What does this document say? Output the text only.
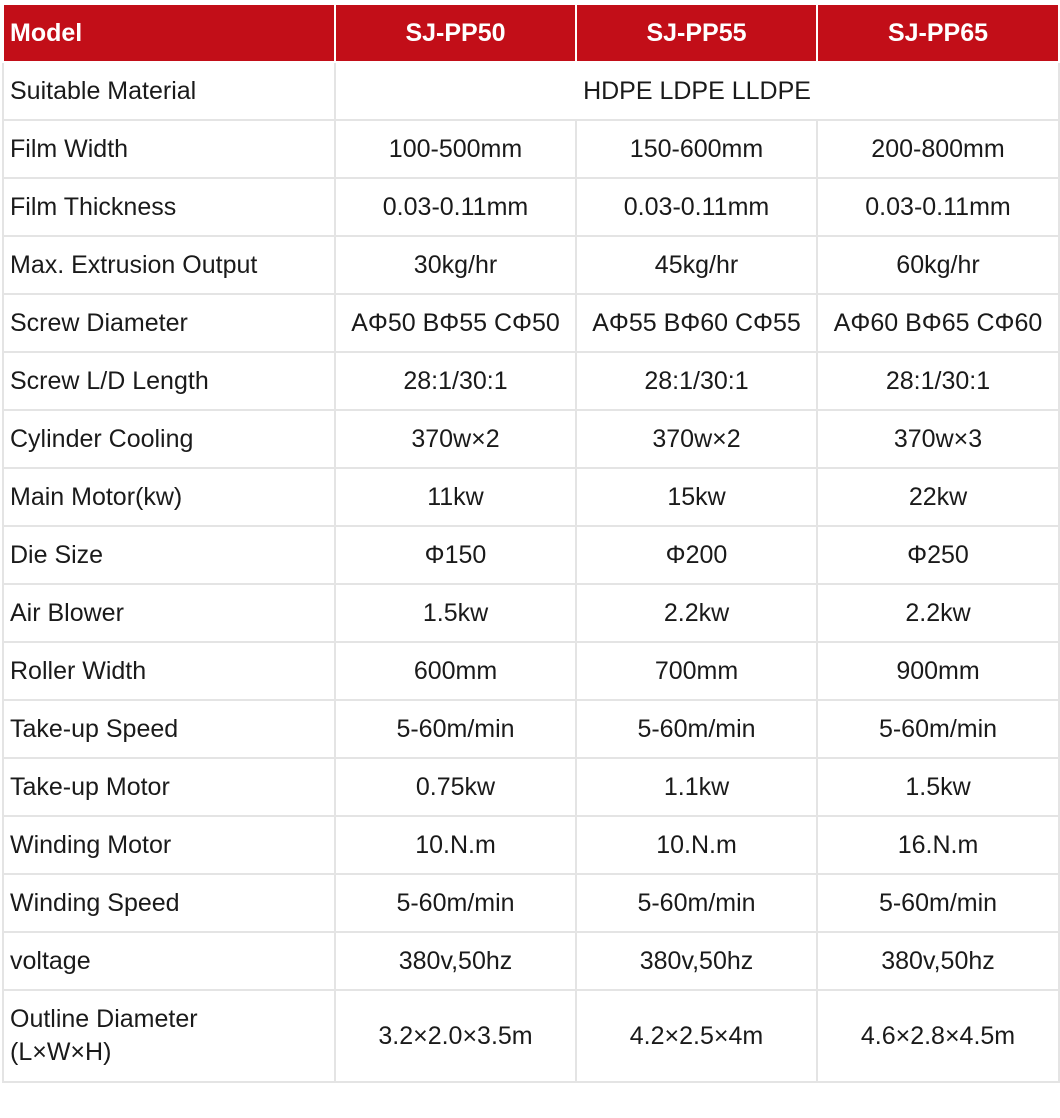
Model	SJ-PP50	SJ-PP55	SJ-PP65
Suitable Material	HDPE LDPE LLDPE		
Film Width	100-500mm	150-600mm	200-800mm
Film Thickness	0.03-0.11mm	0.03-0.11mm	0.03-0.11mm
Max. Extrusion Output	30kg/hr	45kg/hr	60kg/hr
Screw Diameter	AΦ50 BΦ55 CΦ50	AΦ55 BΦ60 CΦ55	AΦ60 BΦ65 CΦ60
Screw L/D Length	28:1/30:1	28:1/30:1	28:1/30:1
Cylinder Cooling	370w×2	370w×2	370w×3
Main Motor(kw)	11kw	15kw	22kw
Die Size	Φ150	Φ200	Φ250
Air Blower	1.5kw	2.2kw	2.2kw
Roller Width	600mm	700mm	900mm
Take-up Speed	5-60m/min	5-60m/min	5-60m/min
Take-up Motor	0.75kw	1.1kw	1.5kw
Winding Motor	10.N.m	10.N.m	16.N.m
Winding Speed	5-60m/min	5-60m/min	5-60m/min
voltage	380v,50hz	380v,50hz	380v,50hz

Outline Diameter
(L×W×H)	3.2×2.0×3.5m	4.2×2.5×4m	4.6×2.8×4.5m
